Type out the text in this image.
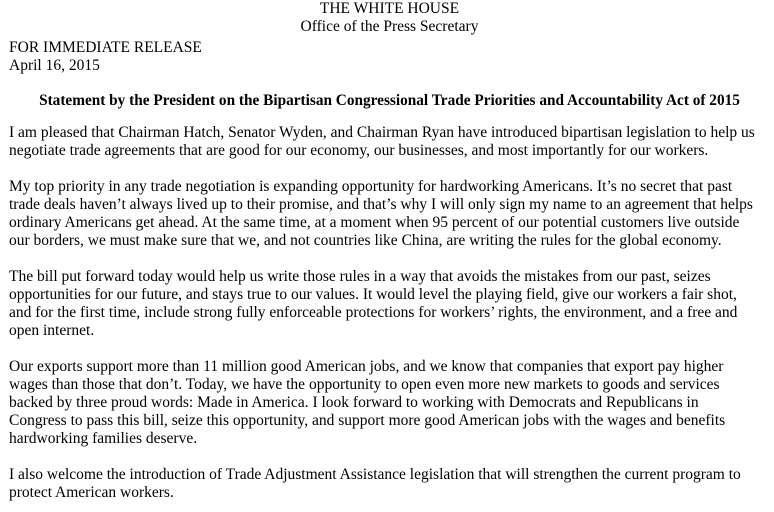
THE WHITE HOUSE
Office of the Press Secretary
FOR IMMEDIATE RELEASE
April 16, 2015
Statement by the President on the Bipartisan Congressional Trade Priorities and Accountability Act of 2015
I am pleased that Chairman Hatch, Senator Wyden, and Chairman Ryan have introduced bipartisan legislation to help us
negotiate trade agreements that are good for our economy, our businesses, and most importantly for our workers.
My top priority in any trade negotiation is expanding opportunity for hardworking Americans. It’s no secret that past
trade deals haven’t always lived up to their promise, and that’s why I will only sign my name to an agreement that helps
ordinary Americans get ahead. At the same time, at a moment when 95 percent of our potential customers live outside
our borders, we must make sure that we, and not countries like China, are writing the rules for the global economy.
The bill put forward today would help us write those rules in a way that avoids the mistakes from our past, seizes
opportunities for our future, and stays true to our values. It would level the playing field, give our workers a fair shot,
and for the first time, include strong fully enforceable protections for workers’ rights, the environment, and a free and
open internet.
Our exports support more than 11 million good American jobs, and we know that companies that export pay higher
wages than those that don’t. Today, we have the opportunity to open even more new markets to goods and services
backed by three proud words: Made in America. I look forward to working with Democrats and Republicans in
Congress to pass this bill, seize this opportunity, and support more good American jobs with the wages and benefits
hardworking families deserve.
I also welcome the introduction of Trade Adjustment Assistance legislation that will strengthen the current program to
protect American workers.
